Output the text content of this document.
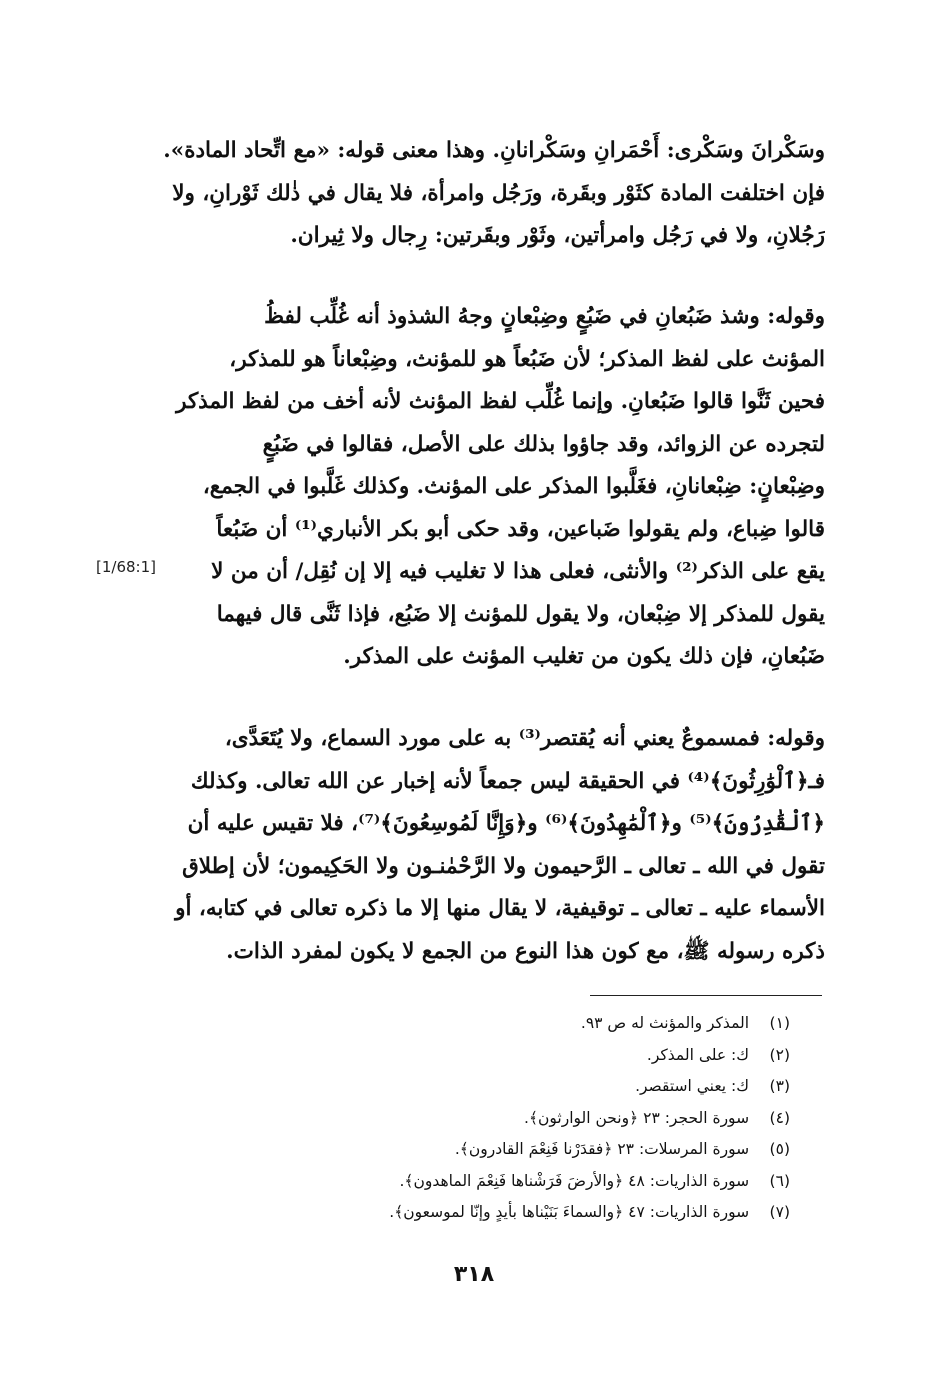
وسَكْرانَ وسَكْرى: أَحْمَرانِ وسَكْرانانِ. وهذا معنى قوله: «مع اتِّحاد المادة».
فإن اختلفت المادة كثَوْر وبقَرة، ورَجُل وامرأة، فلا يقال في ذٰلك ثَوْرانِ، ولا
رَجُلانِ، ولا في رَجُل وامرأتين، وثَوْر وبقَرتين: رِجال ولا ثِيران.
وقوله: وشذ ضَبُعانِ في ضَبُعٍ وضِبْعانٍ وجهُ الشذوذ أنه غُلِّب لفظُ
المؤنث على لفظ المذكر؛ لأن ضَبُعاً هو للمؤنث، وضِبْعاناً هو للمذكر،
فحين ثَنَّوا قالوا ضَبُعانِ. وإنما غُلِّب لفظ المؤنث لأنه أخف من لفظ المذكر
لتجرده عن الزوائد، وقد جاؤوا بذلك على الأصل، فقالوا في ضَبُعٍ
وضِبْعانٍ: ضِبْعانانِ، فغَلَّبوا المذكر على المؤنث. وكذلك غَلَّبوا في الجمع،
قالوا ضِباع، ولم يقولوا ضَباعين، وقد حكى أبو بكر الأنباري⁽¹⁾ أن ضَبُعاً
يقع على الذكر⁽²⁾ والأنثى، فعلى هذا لا تغليب فيه إلا إن نُقِل/ أن من لا
يقول للمذكر إلا ضِبْعان، ولا يقول للمؤنث إلا ضَبُع، فإذا ثَنَّى قال فيهما
ضَبُعانِ، فإن ذلك يكون من تغليب المؤنث على المذكر.
[1/68:1]
وقوله: فمسموعٌ يعني أنه يُقتصر⁽³⁾ به على مورد السماع، ولا يُتَعَدَّى،
فـ﴿ٱلْوَٰرِثُونَ﴾⁽⁴⁾ في الحقيقة ليس جمعاً لأنه إخبار عن الله تعالى. وكذلك
﴿ٱلْقَٰدِرُونَ﴾⁽⁵⁾ و﴿ٱلْمَٰهِدُونَ﴾⁽⁶⁾ و﴿وَإِنَّا لَمُوسِعُونَ﴾⁽⁷⁾، فلا تقيس عليه أن
تقول في الله ـ تعالى ـ الرَّحيمون ولا الرَّحْمٰنـون ولا الحَكِيمون؛ لأن إطلاق
الأسماء عليه ـ تعالى ـ توقيفية، لا يقال منها إلا ما ذكره تعالى في كتابه، أو
ذكره رسوله ﷺ، مع كون هذا النوع من الجمع لا يكون لمفرد الذات.
(١) المذكر والمؤنث له ص ٩٣.
(٢) ك: على المذكر.
(٣) ك: يعني استقصر.
(٤) سورة الحجر: ٢٣ ﴿ونحن الوارثون﴾.
(٥) سورة المرسلات: ٢٣ ﴿فقدَرْنا فَنِعْمَ القادرون﴾.
(٦) سورة الذاريات: ٤٨ ﴿والأرضَ فَرَشْناها فَنِعْمَ الماهدون﴾.
(٧) سورة الذاريات: ٤٧ ﴿والسماءَ بَنَيْناها بأيدٍ وإنّا لموسعون﴾.
٣١٨
